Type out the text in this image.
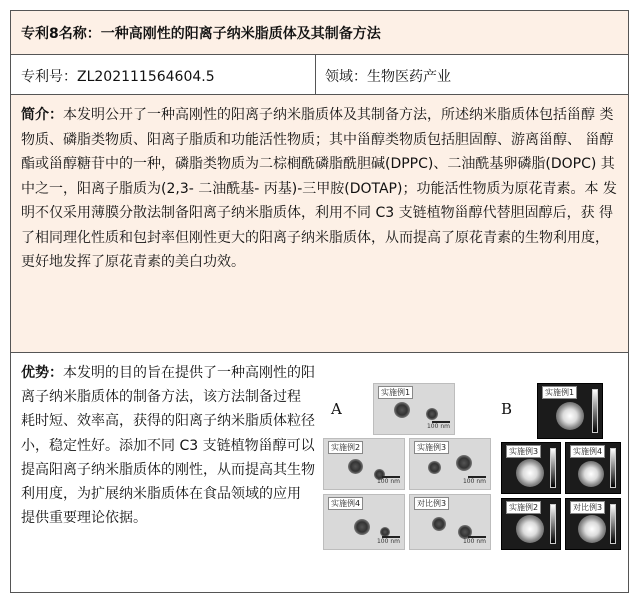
专利8名称：一种高刚性的阳离子纳米脂质体及其制备方法
专利号：ZL202111564604.5	领域：生物医药产业
简介：本发明公开了一种高刚性的阳离子纳米脂质体及其制备方法，所述纳米脂质体包括甾醇 类物质、磷脂类物质、阳离子脂质和功能活性物质；其中甾醇类物质包括胆固醇、游离甾醇、 甾醇酯或甾醇糖苷中的一种，磷脂类物质为二棕榈酰磷脂酰胆碱(DPPC)、二油酰基卵磷脂(DOPC) 其中之一，阳离子脂质为(2,3- 二油酰基- 丙基)-三甲胺(DOTAP)；功能活性物质为原花青素。本 发明不仅采用薄膜分散法制备阳离子纳米脂质体，利用不同 C3 支链植物甾醇代替胆固醇后，获 得了相同理化性质和包封率但刚性更大的阳离子纳米脂质体，从而提高了原花青素的生物利用度，更好地发挥了原花青素的美白功效。
优势：本发明的目的旨在提供了一种高刚性的阳离子纳米脂质体的制备方法，该方法制备过程 耗时短、效率高，获得的阳离子纳米脂质体粒径小，稳定性好。添加不同 C3 支链植物甾醇可以 提高阳离子纳米脂质体的刚性，从而提高其生物利用度，为扩展纳米脂质体在食品领域的应用 提供重要理论依据。
A	B
实施例1
100 nm
实施例2
100 nm
实施例3
100 nm
实施例4
100 nm
对比例3
100 nm
实施例1
实施例3	实施例4
实施例2	对比例3
